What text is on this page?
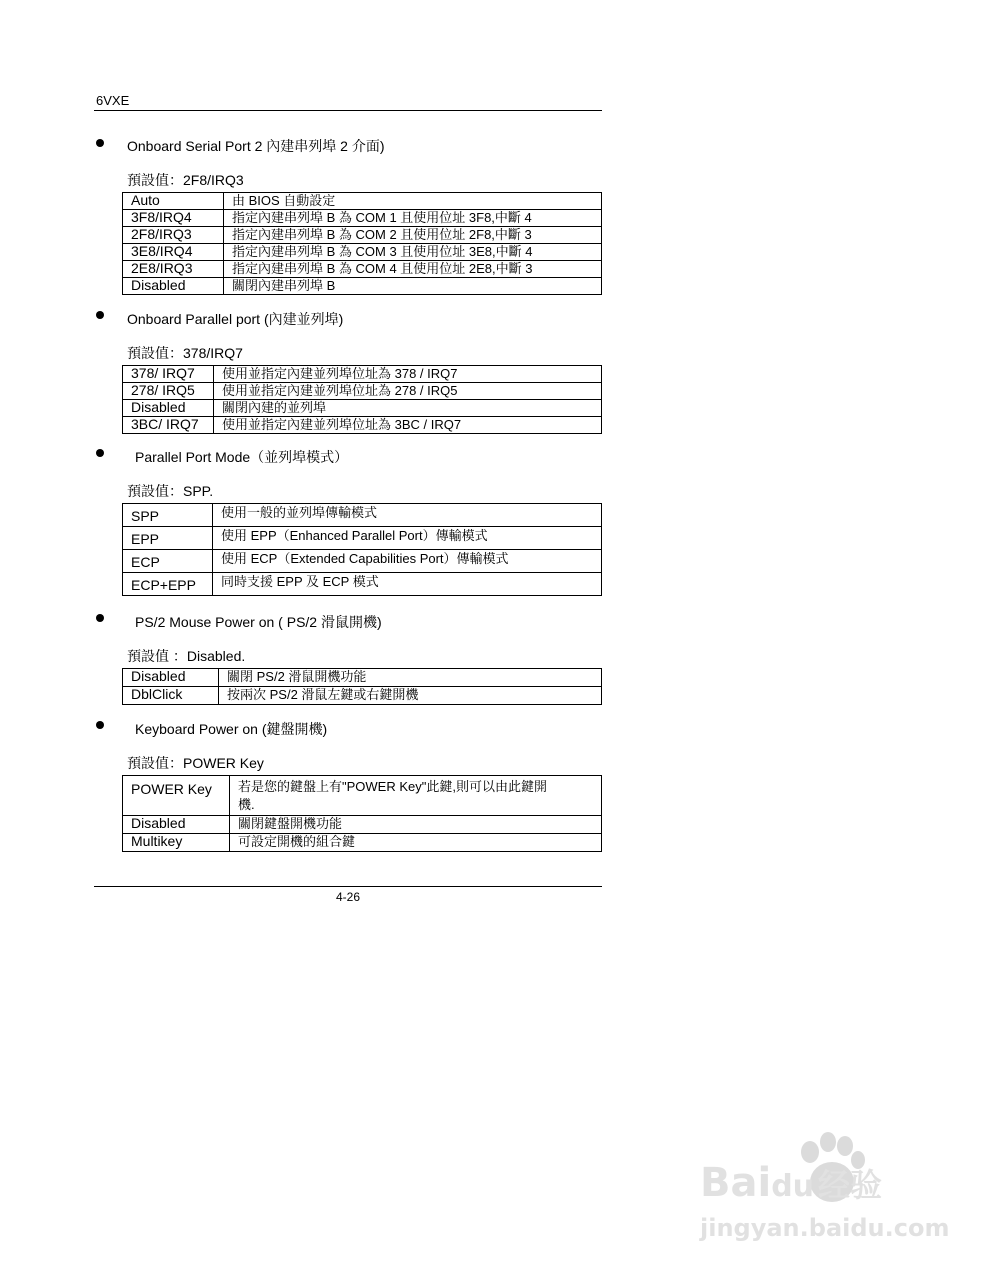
6VXE
Onboard Serial Port 2 內建串列埠 2 介面)
預設值：2F8/IRQ3
Auto	由 BIOS 自動設定
3F8/IRQ4	指定內建串列埠 B 為 COM 1 且使用位址 3F8,中斷 4
2F8/IRQ3	指定內建串列埠 B 為 COM 2 且使用位址 2F8,中斷 3
3E8/IRQ4	指定內建串列埠 B 為 COM 3 且使用位址 3E8,中斷 4
2E8/IRQ3	指定內建串列埠 B 為 COM 4 且使用位址 2E8,中斷 3
Disabled	關閉內建串列埠 B
Onboard Parallel port (內建並列埠)
預設值：378/IRQ7
378/ IRQ7	使用並指定內建並列埠位址為 378 / IRQ7
278/ IRQ5	使用並指定內建並列埠位址為 278 / IRQ5
Disabled	關閉內建的並列埠
3BC/ IRQ7	使用並指定內建並列埠位址為 3BC / IRQ7
Parallel Port Mode（並列埠模式）
預設值：SPP.
SPP	使用一般的並列埠傳輸模式
EPP	使用 EPP（Enhanced Parallel Port）傳輸模式
ECP	使用 ECP（Extended Capabilities Port）傳輸模式
ECP+EPP	同時支援 EPP 及 ECP 模式
PS/2 Mouse Power on ( PS/2 滑鼠開機)
預設值 ：Disabled.
Disabled	關閉 PS/2 滑鼠開機功能
DblClick	按兩次 PS/2 滑鼠左鍵或右鍵開機
Keyboard Power on (鍵盤開機)
預設值：POWER Key
POWER Key	若是您的鍵盤上有"POWER Key"此鍵,則可以由此鍵開
機.

Disabled	關閉鍵盤開機功能
Multikey	可設定開機的組合鍵
4-26
Baidu 经验
jingyan.baidu.com
